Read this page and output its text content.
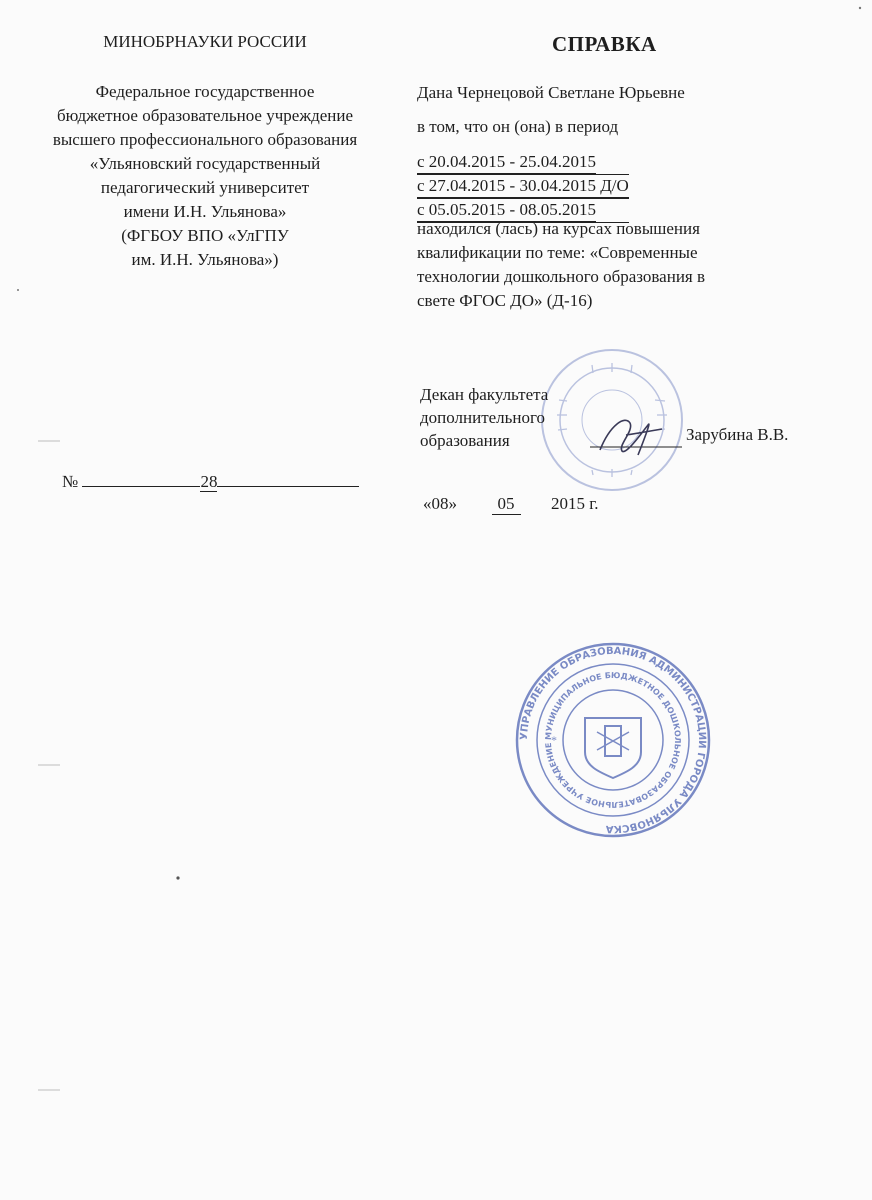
МИНОБРНАУКИ РОССИИ
Федеральное государственное
бюджетное образовательное учреждение
высшего профессионального образования
«Ульяновский государственный
педагогический университет
имени И.Н. Ульянова»
(ФГБОУ ВПО «УлГПУ
им. И.Н. Ульянова»)
№	28
СПРАВКА
Дана Чернецовой Светлане Юрьевне
в том, что он (она) в период
с 20.04.2015 - 25.04.2015
с 27.04.2015 - 30.04.2015 Д/О
с 05.05.2015 - 08.05.2015
находился (лась) на курсах повышения
квалификации по теме: «Современные
технологии дошкольного образования в
свете ФГОС ДО» (Д-16)
Декан факультета
дополнительного
образования	Зарубина В.В.
«08» 05 2015 г.
УПРАВЛЕНИЕ ОБРАЗОВАНИЯ АДМИНИСТРАЦИИ ГОРОДА УЛЬЯНОВСКА
МУНИЦИПАЛЬНОЕ БЮДЖЕТНОЕ ДОШКОЛЬНОЕ ОБРАЗОВАТЕЛЬНОЕ УЧРЕЖДЕНИЕ
*
